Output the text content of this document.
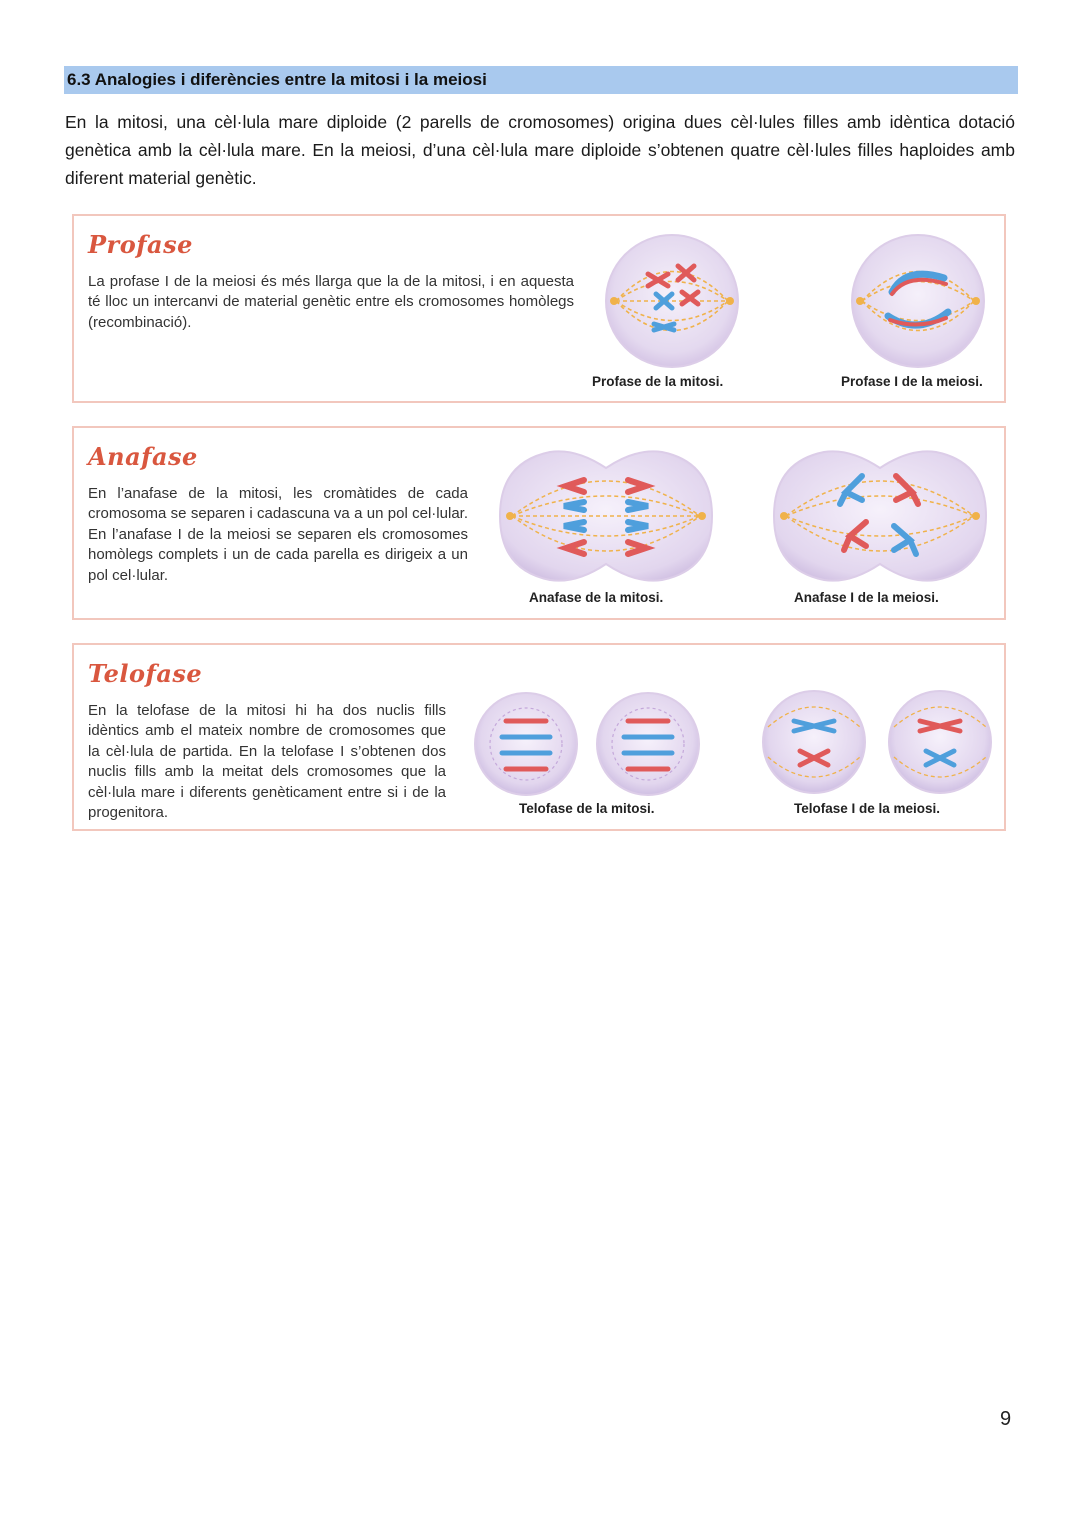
6.3 Analogies i diferències entre la mitosi i la meiosi

En la mitosi, una cèl·lula mare diploide (2 parells de cromosomes) origina dues cèl·lules filles amb idèntica dotació genètica amb la cèl·lula mare. En la meiosi, d’una cèl·lula mare diploide s’obtenen quatre cèl·lules filles haploides amb diferent material genètic.

Profase

La profase I de la meiosi és més llarga que la de la mitosi, i en aquesta té lloc un intercanvi de material genètic entre els cromosomes homòlegs (recombinació).

Profase de la mitosi.	Profase I de la meiosi.
Anafase

En l’anafase de la mitosi, les cromàtides de cada cromosoma se separen i cadascuna va a un pol cel·lular. En l’anafase I de la meiosi se separen els cromosomes homòlegs complets i un de cada parella es dirigeix a un pol cel·lular.

Anafase de la mitosi.	Anafase I de la meiosi.
Telofase

En la telofase de la mitosi hi ha dos nuclis fills idèntics amb el mateix nombre de cromosomes que la cèl·lula de partida. En la telofase I s’obtenen dos nuclis fills amb la meitat dels cromosomes que la cèl·lula mare i diferents genèticament entre si i de la progenitora.	Telofase de la mitosi.	Telofase I de la meiosi.
9
